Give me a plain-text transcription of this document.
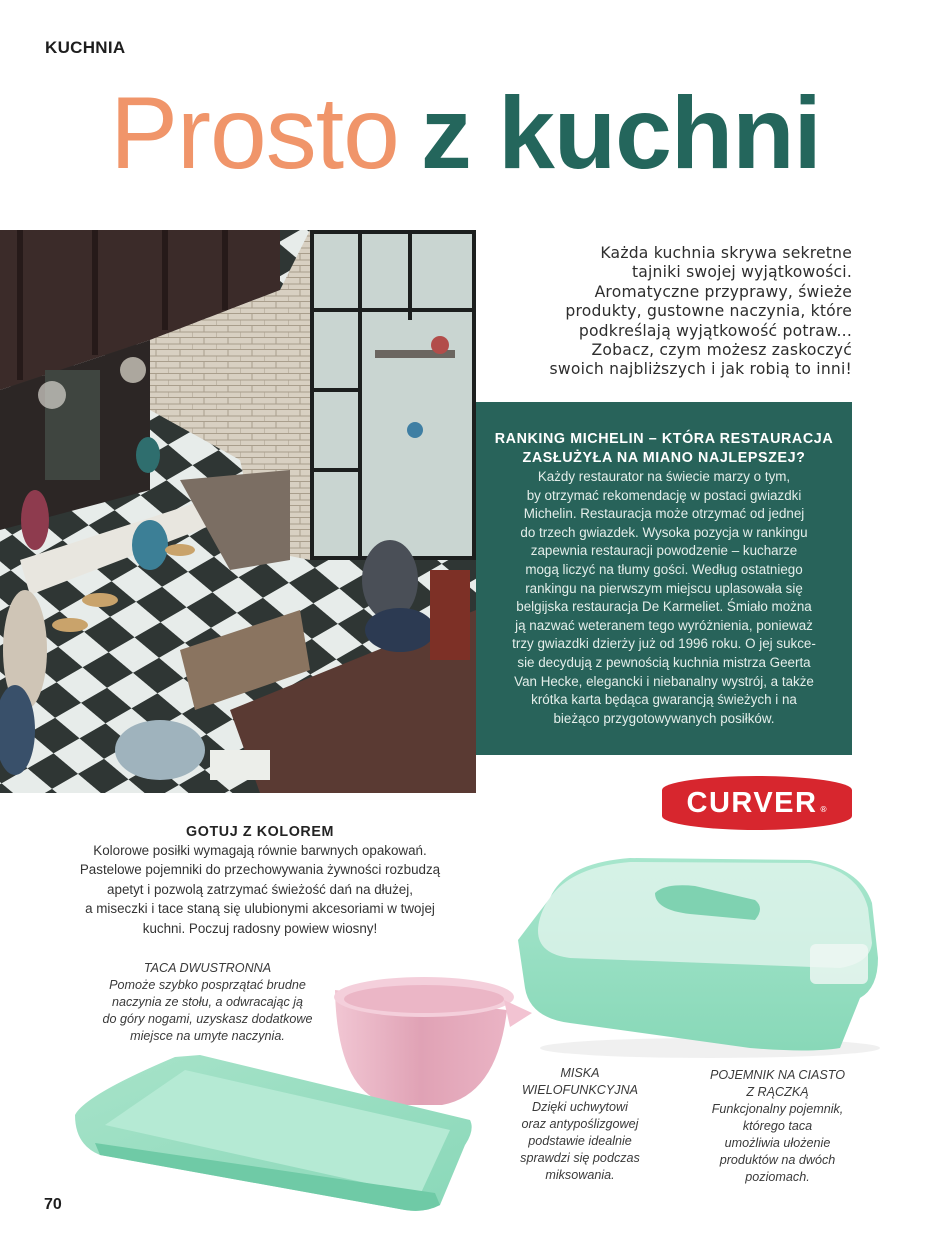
KUCHNIA
Prosto z kuchni
Każda kuchnia skrywa sekretne
tajniki swojej wyjątkowości.
Aromatyczne przyprawy, świeże
produkty, gustowne naczynia, które
podkreślają wyjątkowość potraw...
Zobacz, czym możesz zaskoczyć
swoich najbliższych i jak robią to inni!
RANKING MICHELIN – KTÓRA RESTAURACJA
ZASŁUŻYŁA NA MIANO NAJLEPSZEJ?

Każdy restaurator na świecie marzy o tym,
by otrzymać rekomendację w postaci gwiazdki
Michelin. Restauracja może otrzymać od jednej
do trzech gwiazdek. Wysoka pozycja w rankingu
zapewnia restauracji powodzenie – kucharze
mogą liczyć na tłumy gości. Według ostatniego
rankingu na pierwszym miejscu uplasowała się
belgijska restauracja De Karmeliet. Śmiało można
ją nazwać weteranem tego wyróżnienia, ponieważ
trzy gwiazdki dzierży już od 1996 roku. O jej sukce-
sie decydują z pewnością kuchnia mistrza Geerta
Van Hecke, elegancki i niebanalny wystrój, a także
krótka karta będąca gwarancją świeżych i na
bieżąco przygotowywanych posiłków.

CURVER ®
GOTUJ Z KOLOREM

Kolorowe posiłki wymagają równie barwnych opakowań.
Pastelowe pojemniki do przechowywania żywności rozbudzą
apetyt i pozwolą zatrzymać świeżość dań na dłużej,
a miseczki i tace staną się ulubionymi akcesoriami w twojej
kuchni. Poczuj radosny powiew wiosny!

TACA DWUSTRONNA
Pomoże szybko posprzątać brudne
naczynia ze stołu, a odwracając ją
do góry nogami, uzyskasz dodatkowe
miejsce na umyte naczynia.
MISKA WIELOFUNKCYJNA
Dzięki uchwytowi
oraz antypoślizgowej
podstawie idealnie
sprawdzi się podczas
miksowania.
POJEMNIK NA CIASTO
Z RĄCZKĄ
Funkcjonalny pojemnik,
którego taca
umożliwia ułożenie
produktów na dwóch
poziomach.
70
